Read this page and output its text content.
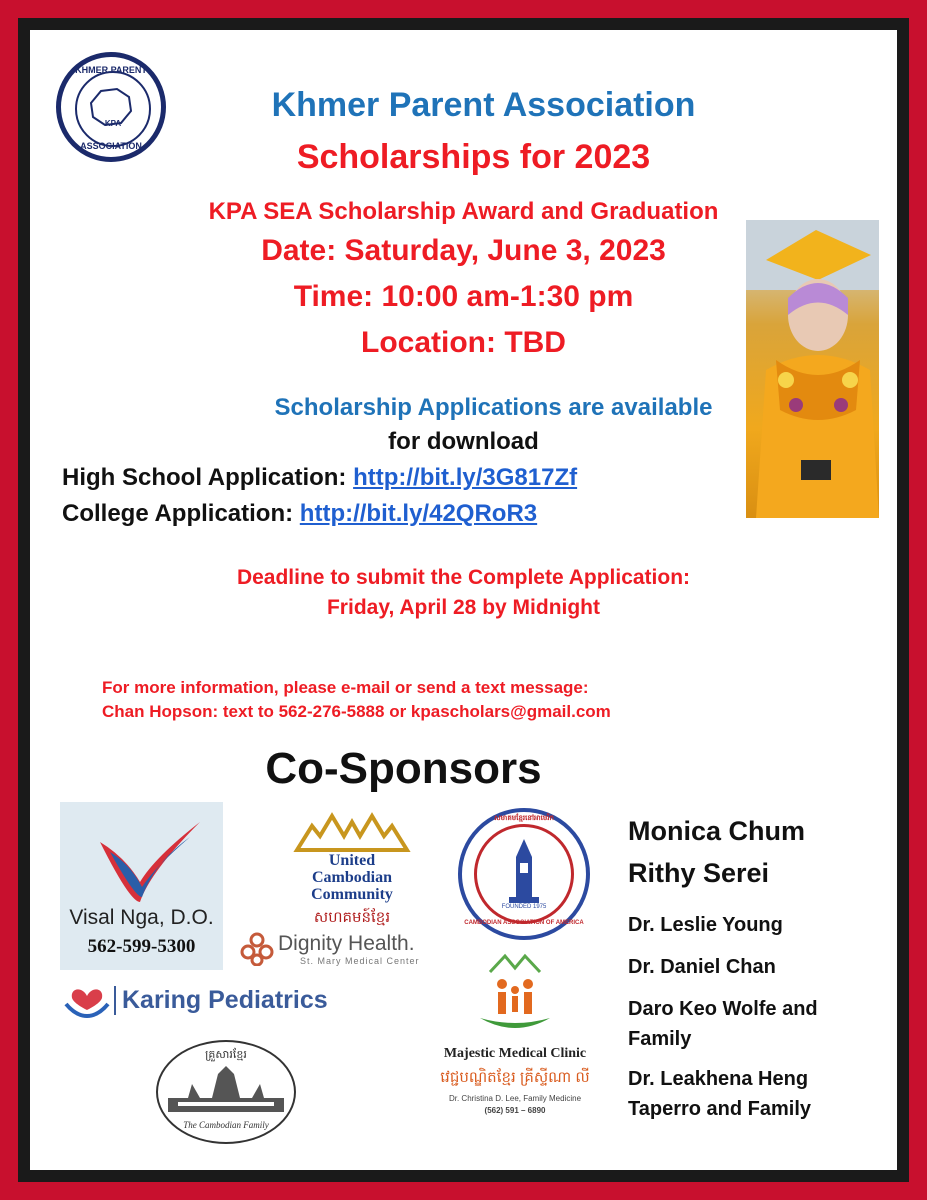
KHMER PARENT
KPA
ASSOCIATION
Khmer Parent Association
Scholarships for 2023
KPA SEA Scholarship Award and Graduation
Date: Saturday, June 3, 2023
Time: 10:00 am-1:30 pm
Location: TBD
Scholarship Applications are available
for download
High School Application: http://bit.ly/3G817Zf
College Application: http://bit.ly/42QRoR3
Deadline to submit the Complete Application:
Friday, April 28 by Midnight
For more information, please e-mail or send a text message:
Chan Hopson: text to 562-276-5888 or kpascholars@gmail.com
Co-Sponsors
Visal Nga, D.O.
562-599-5300
United
Cambodian
Community
សហគមន៍ខ្មែរ
Dignity Health.
St. Mary Medical Center
សមាគមខ្មែរនៅអាមេរិក
CAMBODIAN ASSOCIATION OF AMERICA
FOUNDED 1975
Karing Pediatrics
Majestic Medical Clinic
វេជ្ជបណ្ឌិតខ្មែរ គ្រីស្ទីណា លី
Dr. Christina D. Lee, Family Medicine
(562) 591 – 6890
គ្រួសារខ្មែរ
The Cambodian Family
Monica Chum
Rithy Serei
Dr. Leslie Young
Dr. Daniel Chan
Daro Keo Wolfe and
Family
Dr. Leakhena Heng
Taperro and Family
